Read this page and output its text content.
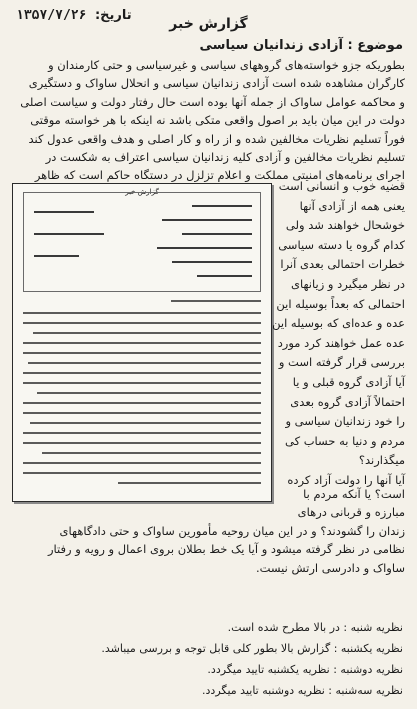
تاریخ: ۱۳۵۷/۷/۲۶
گزارش خبر
موضوع : آزادی زندانیان سیاسی
بطوریکه جزو خواسته‌های گروههای سیاسی و غیرسیاسی و حتی کارمندان و
کارگران مشاهده شده است آزادی زندانیان سیاسی و انحلال ساواک و دستگیری
و محاکمه عوامل ساواک از جمله آنها بوده است حال رفتار دولت و سیاست اصلی
دولت در این میان باید بر اصول واقعی متکی باشد نه اینکه با هر خواسته موقتی
فوراً تسلیم نظریات مخالفین شده و از راه و کار اصلی و هدف واقعی عدول کند
تسلیم نظریات مخالفین و آزادی کلیه زندانیان سیاسی اعتراف به شکست در
اجرای برنامه‌های امنیتی مملکت و اعلام تزلزل در دستگاه حاکم است که ظاهر
گزارش خبر	قضیه خوب و انسانی است
یعنی همه از آزادی آنها
خوشحال خواهند شد ولی
کدام گروه یا دسته سیاسی
خطرات احتمالی بعدی آنرا
در نظر میگیرد و زیانهای
احتمالی که بعداً بوسیله این
عده و عده‌ای که بوسیله این
عده عمل خواهند کرد مورد
بررسی قرار گرفته است و
آیا آزادی گروه قبلی و یا
احتمالاً آزادی گروه بعدی
را خود زندانیان سیاسی و
مردم و دنیا به حساب کی
میگذارند؟
آیا آنها را دولت آزاد کرده
است؟ یا آنکه مردم با
مبارزه و قربانی درهای
زندان را گشودند؟ و در این میان روحیه مأمورین ساواک و حتی دادگاههای
نظامی در نظر گرفته میشود و آیا یک خط بطلان بروی اعمال و رویه و رفتار
ساواک و دادرسی ارتش نیست.
نظریه شنبه : در بالا مطرح شده است.
نظریه یکشنبه : گزارش بالا بطور کلی قابل توجه و بررسی میباشد.
نظریه دوشنبه : نظریه یکشنبه تایید میگردد.
نظریه سه‌شنبه : نظریه دوشنبه تایید میگردد.
